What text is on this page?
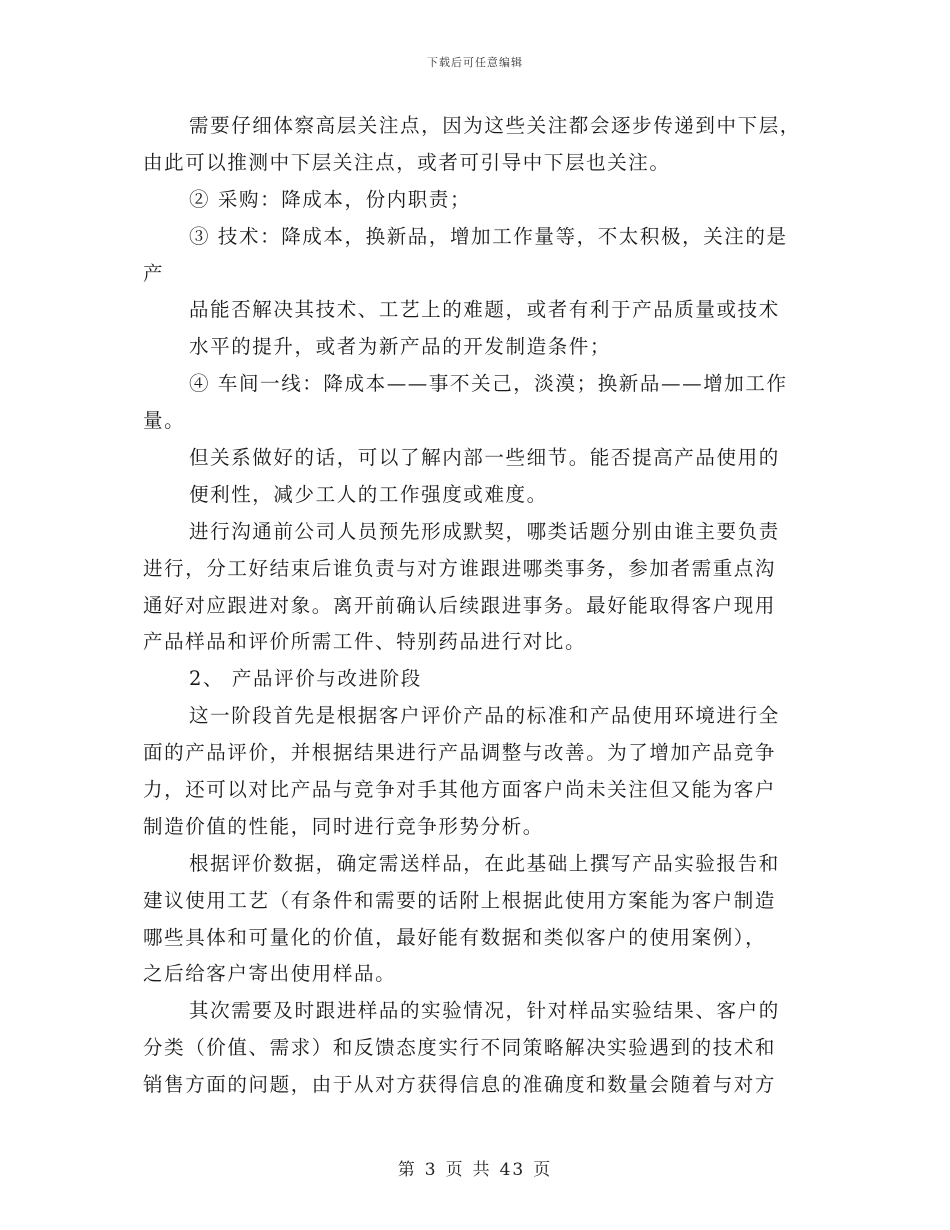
下载后可任意编辑
需要仔细体察高层关注点，因为这些关注都会逐步传递到中下层，
由此可以推测中下层关注点，或者可引导中下层也关注。
② 采购：降成本，份内职责；
③ 技术：降成本，换新品，增加工作量等，不太积极，关注的是
产
品能否解决其技术、工艺上的难题，或者有利于产品质量或技术
水平的提升，或者为新产品的开发制造条件；
④ 车间一线：降成本——事不关己，淡漠；换新品——增加工作
量。
但关系做好的话，可以了解内部一些细节。能否提高产品使用的
便利性，减少工人的工作强度或难度。
进行沟通前公司人员预先形成默契，哪类话题分别由谁主要负责
进行，分工好结束后谁负责与对方谁跟进哪类事务，参加者需重点沟
通好对应跟进对象。离开前确认后续跟进事务。最好能取得客户现用
产品样品和评价所需工件、特别药品进行对比。
2、 产品评价与改进阶段
这一阶段首先是根据客户评价产品的标准和产品使用环境进行全
面的产品评价，并根据结果进行产品调整与改善。为了增加产品竞争
力，还可以对比产品与竞争对手其他方面客户尚未关注但又能为客户
制造价值的性能，同时进行竞争形势分析。
根据评价数据，确定需送样品，在此基础上撰写产品实验报告和
建议使用工艺（有条件和需要的话附上根据此使用方案能为客户制造
哪些具体和可量化的价值，最好能有数据和类似客户的使用案例），
之后给客户寄出使用样品。
其次需要及时跟进样品的实验情况，针对样品实验结果、客户的
分类（价值、需求）和反馈态度实行不同策略解决实验遇到的技术和
销售方面的问题，由于从对方获得信息的准确度和数量会随着与对方
第 3 页 共 43 页
